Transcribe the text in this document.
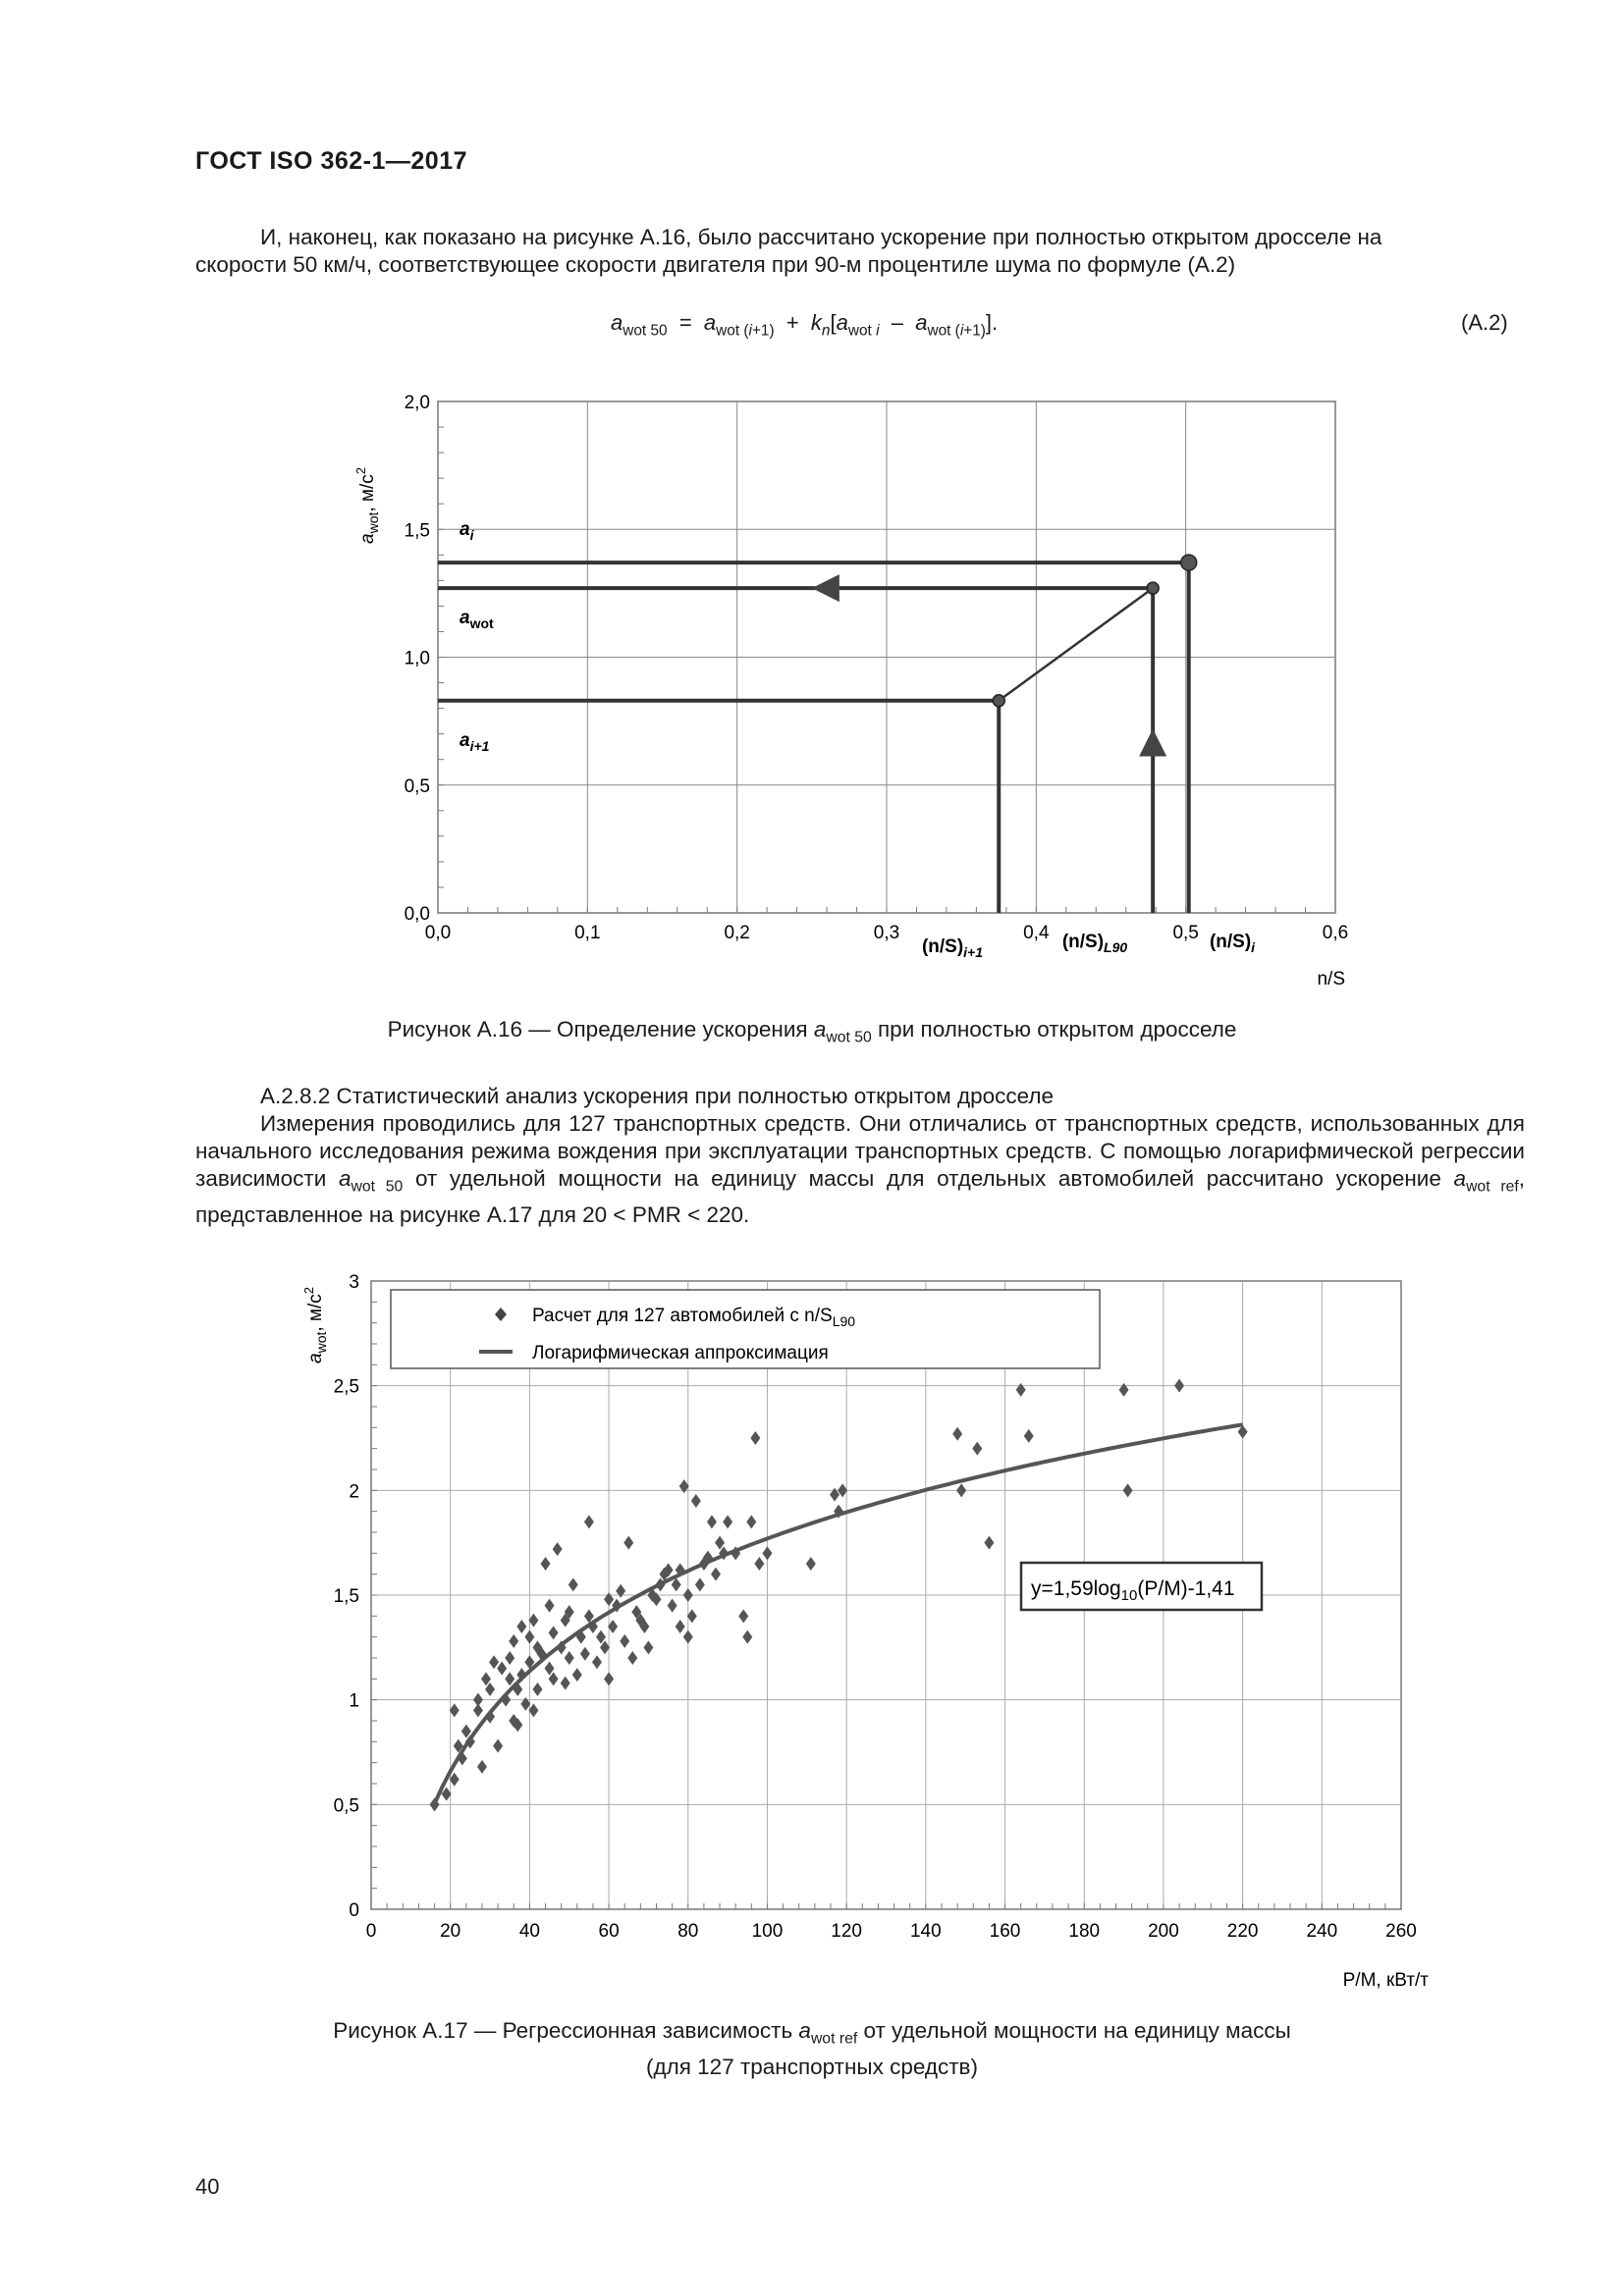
ГОСТ ISO 362-1—2017
И, наконец, как показано на рисунке А.16, было рассчитано ускорение при полностью открытом дросселе на
скорости 50 км/ч, соответствующее скорости двигателя при 90-м процентиле шума по формуле (А.2)
$a_{wot 50} = a_{wot (i+1)} + k_n[a_{wot i} - a_{wot (i+1)}]$.	(А.2)
0,0	0,1	0,2	0,3	0,4	0,5	0,6
0,0
0,5
1,0
1,5
2,0
$a_{wot}$, $м/с^2$
n/S
$a_i$
$a_{wot}$
$a_{i+1}$
$(n/S)_{i+1}$	$(n/S)_{L90}$	$(n/S)_i$
Рисунок А.16 — Определение ускорения $a_{wot 50}$ при полностью открытом дросселе
А.2.8.2 Статистический анализ ускорения при полностью открытом дросселе
Измерения проводились для 127 транспортных средств. Они отличались от транспортных средств, использованных для начального исследования режима вождения при эксплуатации транспортных средств. С помощью логарифмической регрессии зависимости $a_{wot 50}$ от удельной мощности на единицу массы для отдельных автомобилей рассчитано ускорение $a_{wot ref}$, представленное на рисунке А.17 для 20 < PMR < 220.
0	20	40	60	80	100	120	140	160	180	200	220	240	260
0
0,5
1
1,5
2
2,5
3
$a_{wot}$, $м/с^2$
P/M, кВт/т
Расчет для 127 автомобилей с $n/S_{L90}$
Логарифмическая аппроксимация
$y=1,59\log_{10}(P/M)-1,41$
Рисунок А.17 — Регрессионная зависимость $a_{wot ref}$ от удельной мощности на единицу массы
(для 127 транспортных средств)
40
